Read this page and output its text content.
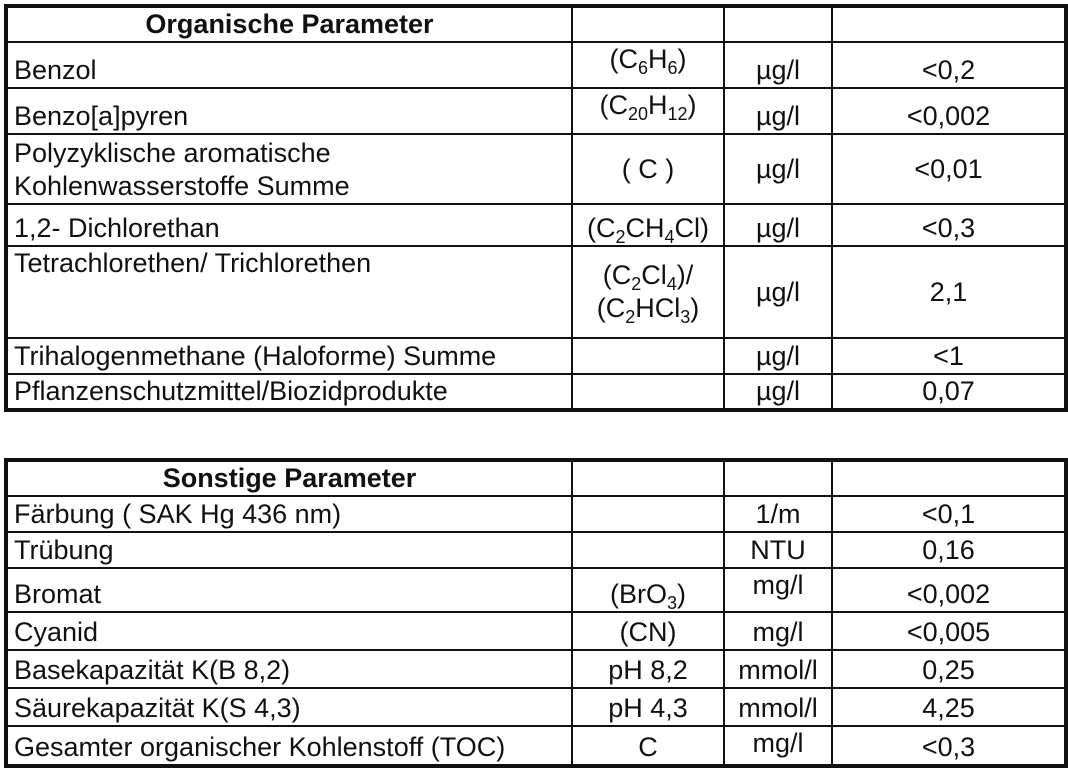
Organische Parameter			
Benzol	$(C_6H_6)$	µg/l	<0,2
Benzo[a]pyren	$(C_{20}H_{12})$	µg/l	<0,002

Polyzyklische aromatische
Kohlenwasserstoffe Summe	( C )	µg/l	<0,01
1,2- Dichlorethan	$(C_2CH_4Cl)$	µg/l	<0,3
Tetrachlorethen/ Trichlorethen	$(C_2Cl_4)/$
$(C_2HCl_3)$	µg/l	2,1
Trihalogenmethane (Haloforme) Summe		µg/l	<1
Pflanzenschutzmittel/Biozidprodukte		µg/l	0,07
Sonstige Parameter			
Färbung ( SAK Hg 436 nm)		1/m	<0,1
Trübung		NTU	0,16
Bromat	(BrO$_3$)	mg/l	<0,002
Cyanid	(CN)	mg/l	<0,005
Basekapazität K(B 8,2)	pH 8,2	mmol/l	0,25
Säurekapazität K(S 4,3)	pH 4,3	mmol/l	4,25
Gesamter organischer Kohlenstoff (TOC)	C	mg/l	<0,3
